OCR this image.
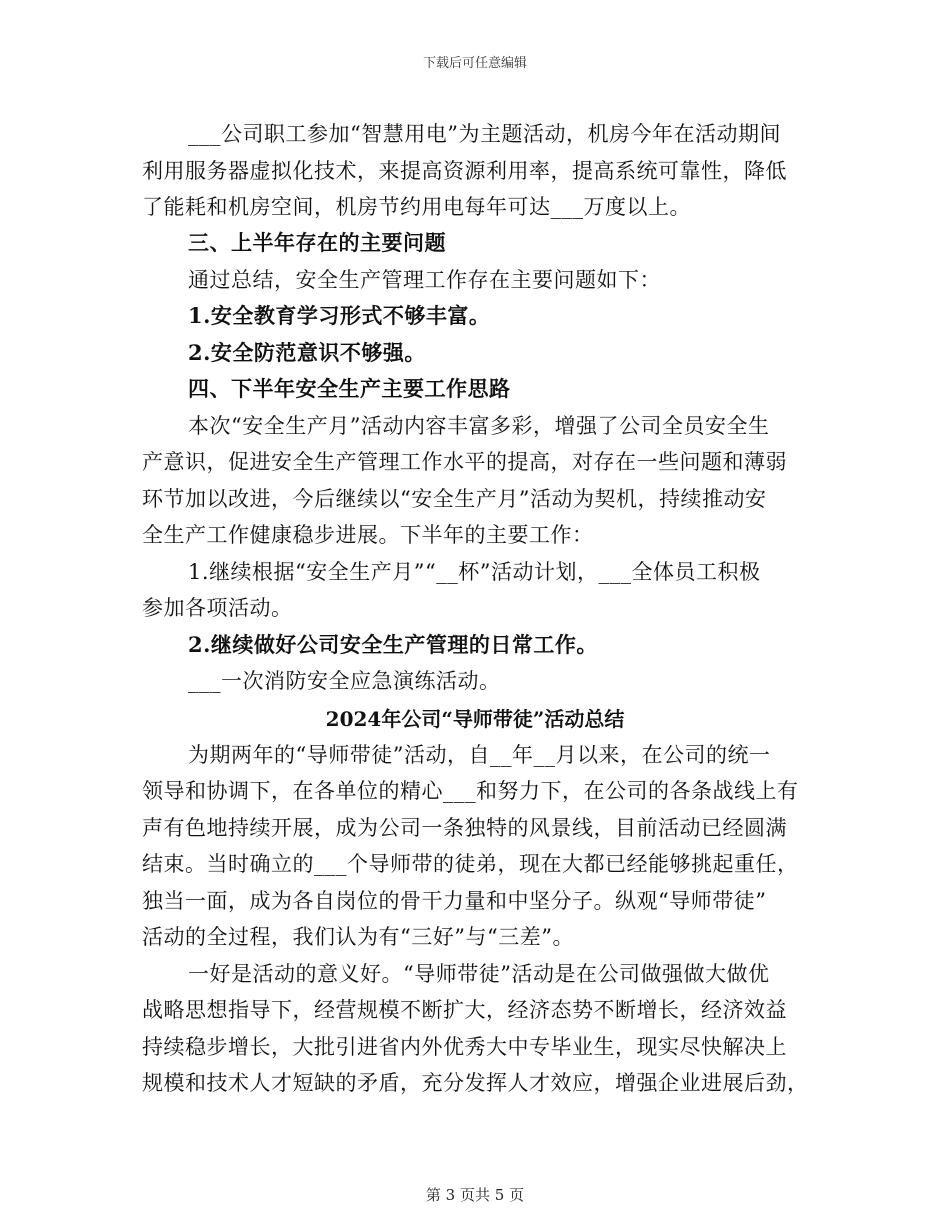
下载后可任意编辑
___公司职工参加“智慧用电”为主题活动，机房今年在活动期间
利用服务器虚拟化技术，来提高资源利用率，提高系统可靠性，降低
了能耗和机房空间，机房节约用电每年可达___万度以上。
三、上半年存在的主要问题
通过总结，安全生产管理工作存在主要问题如下：
1.安全教育学习形式不够丰富。
2.安全防范意识不够强。
四、下半年安全生产主要工作思路
本次“安全生产月”活动内容丰富多彩，增强了公司全员安全生
产意识，促进安全生产管理工作水平的提高，对存在一些问题和薄弱
环节加以改进，今后继续以“安全生产月”活动为契机，持续推动安
全生产工作健康稳步进展。下半年的主要工作：
1.继续根据“安全生产月”“__杯”活动计划，___全体员工积极
参加各项活动。
2.继续做好公司安全生产管理的日常工作。
___一次消防安全应急演练活动。
2024年公司“导师带徒”活动总结
为期两年的“导师带徒”活动，自__年__月以来，在公司的统一
领导和协调下，在各单位的精心___和努力下，在公司的各条战线上有
声有色地持续开展，成为公司一条独特的风景线，目前活动已经圆满
结束。当时确立的___个导师带的徒弟，现在大都已经能够挑起重任，
独当一面，成为各自岗位的骨干力量和中坚分子。纵观“导师带徒”
活动的全过程，我们认为有“三好”与“三差”。
一好是活动的意义好。“导师带徒”活动是在公司做强做大做优
战略思想指导下，经营规模不断扩大，经济态势不断增长，经济效益
持续稳步增长，大批引进省内外优秀大中专毕业生，现实尽快解决上
规模和技术人才短缺的矛盾，充分发挥人才效应，增强企业进展后劲，
第 3 页共 5 页
